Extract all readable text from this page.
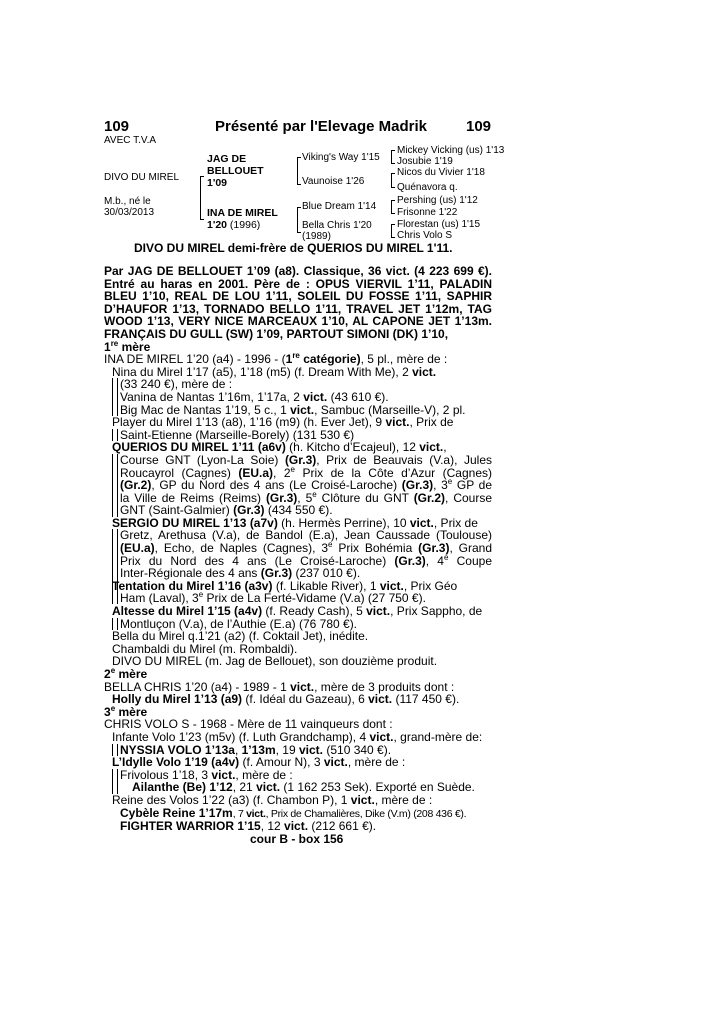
109	Présenté par l'Elevage Madrik	109
AVEC T.V.A
DIVO DU MIREL
M.b., né le
30/03/2013
JAG DE
BELLOUET
1'09
INA DE MIREL
1'20 (1996)
Viking's Way 1'15
Vaunoise 1'26
Blue Dream 1'14
Bella Chris 1'20
(1989)
Mickey Vicking (us) 1'13
Josubie 1'19
Nicos du Vivier 1'18
Quénavora q.
Pershing (us) 1'12
Frisonne 1'22
Florestan (us) 1'15
Chris Volo S
DIVO DU MIREL demi-frère de QUERIOS DU MIREL 1'11.
Par JAG DE BELLOUET 1’09 (a8). Classique, 36 vict. (4 223 699 €).
Entré au haras en 2001. Père de : OPUS VIERVIL 1’11, PALADIN
BLEU 1’10, REAL DE LOU 1’11, SOLEIL DU FOSSE 1’11, SAPHIR
D’HAUFOR 1’13, TORNADO BELLO 1’11, TRAVEL JET 1’12m, TAG
WOOD 1’13, VERY NICE MARCEAUX 1’10, AL CAPONE JET 1’13m.
FRANÇAIS DU GULL (SW) 1’09, PARTOUT SIMONI (DK) 1’10,
1re mère
INA DE MIREL 1’20 (a4) - 1996 - (1re catégorie), 5 pl., mère de :
Nina du Mirel 1’17 (a5), 1’18 (m5) (f. Dream With Me), 2 vict.
(33 240 €), mère de :
Vanina de Nantas 1’16m, 1’17a, 2 vict. (43 610 €).
Big Mac de Nantas 1’19, 5 c., 1 vict., Sambuc (Marseille-V), 2 pl.
Player du Mirel 1’13 (a8), 1’16 (m9) (h. Ever Jet), 9 vict., Prix de
Saint-Etienne (Marseille-Borely) (131 530 €)
QUERIOS DU MIREL 1’11 (a6v) (h. Kitcho d’Ecajeul), 12 vict.,
Course GNT (Lyon-La Soie) (Gr.3), Prix de Beauvais (V.a), Jules
Roucayrol (Cagnes) (EU.a), 2e Prix de la Côte d’Azur (Cagnes)
(Gr.2), GP du Nord des 4 ans (Le Croisé-Laroche) (Gr.3), 3e GP de
la Ville de Reims (Reims) (Gr.3), 5e Clôture du GNT (Gr.2), Course
GNT (Saint-Galmier) (Gr.3) (434 550 €).
SERGIO DU MIREL 1’13 (a7v) (h. Hermès Perrine), 10 vict., Prix de
Gretz, Arethusa (V.a), de Bandol (E.a), Jean Caussade (Toulouse)
(EU.a), Echo, de Naples (Cagnes), 3e Prix Bohémia (Gr.3), Grand
Prix du Nord des 4 ans (Le Croisé-Laroche) (Gr.3), 4e Coupe
Inter-Régionale des 4 ans (Gr.3) (237 010 €).
Tentation du Mirel 1’16 (a3v) (f. Likable River), 1 vict., Prix Géo
Ham (Laval), 3e Prix de La Ferté-Vidame (V.a) (27 750 €).
Altesse du Mirel 1’15 (a4v) (f. Ready Cash), 5 vict., Prix Sappho, de
Montluçon (V.a), de l’Authie (E.a) (76 780 €).
Bella du Mirel q.1’21 (a2) (f. Coktail Jet), inédite.
Chambaldi du Mirel (m. Rombaldi).
DIVO DU MIREL (m. Jag de Bellouet), son douzième produit.
2e mère
BELLA CHRIS 1’20 (a4) - 1989 - 1 vict., mère de 3 produits dont :
Holly du Mirel 1’13 (a9) (f. Idéal du Gazeau), 6 vict. (117 450 €).
3e mère
CHRIS VOLO S - 1968 - Mère de 11 vainqueurs dont :
Infante Volo 1’23 (m5v) (f. Luth Grandchamp), 4 vict., grand-mère de:
NYSSIA VOLO 1’13a, 1’13m, 19 vict. (510 340 €).
L’Idylle Volo 1’19 (a4v) (f. Amour N), 3 vict., mère de :
Frivolous 1’18, 3 vict., mère de :
Ailanthe (Be) 1’12, 21 vict. (1 162 253 Sek). Exporté en Suède.
Reine des Volos 1’22 (a3) (f. Chambon P), 1 vict., mère de :
Cybèle Reine 1’17m, 7 vict., Prix de Chamalières, Dike (V.m) (208 436 €).
FIGHTER WARRIOR 1’15, 12 vict. (212 661 €).
cour B - box 156
